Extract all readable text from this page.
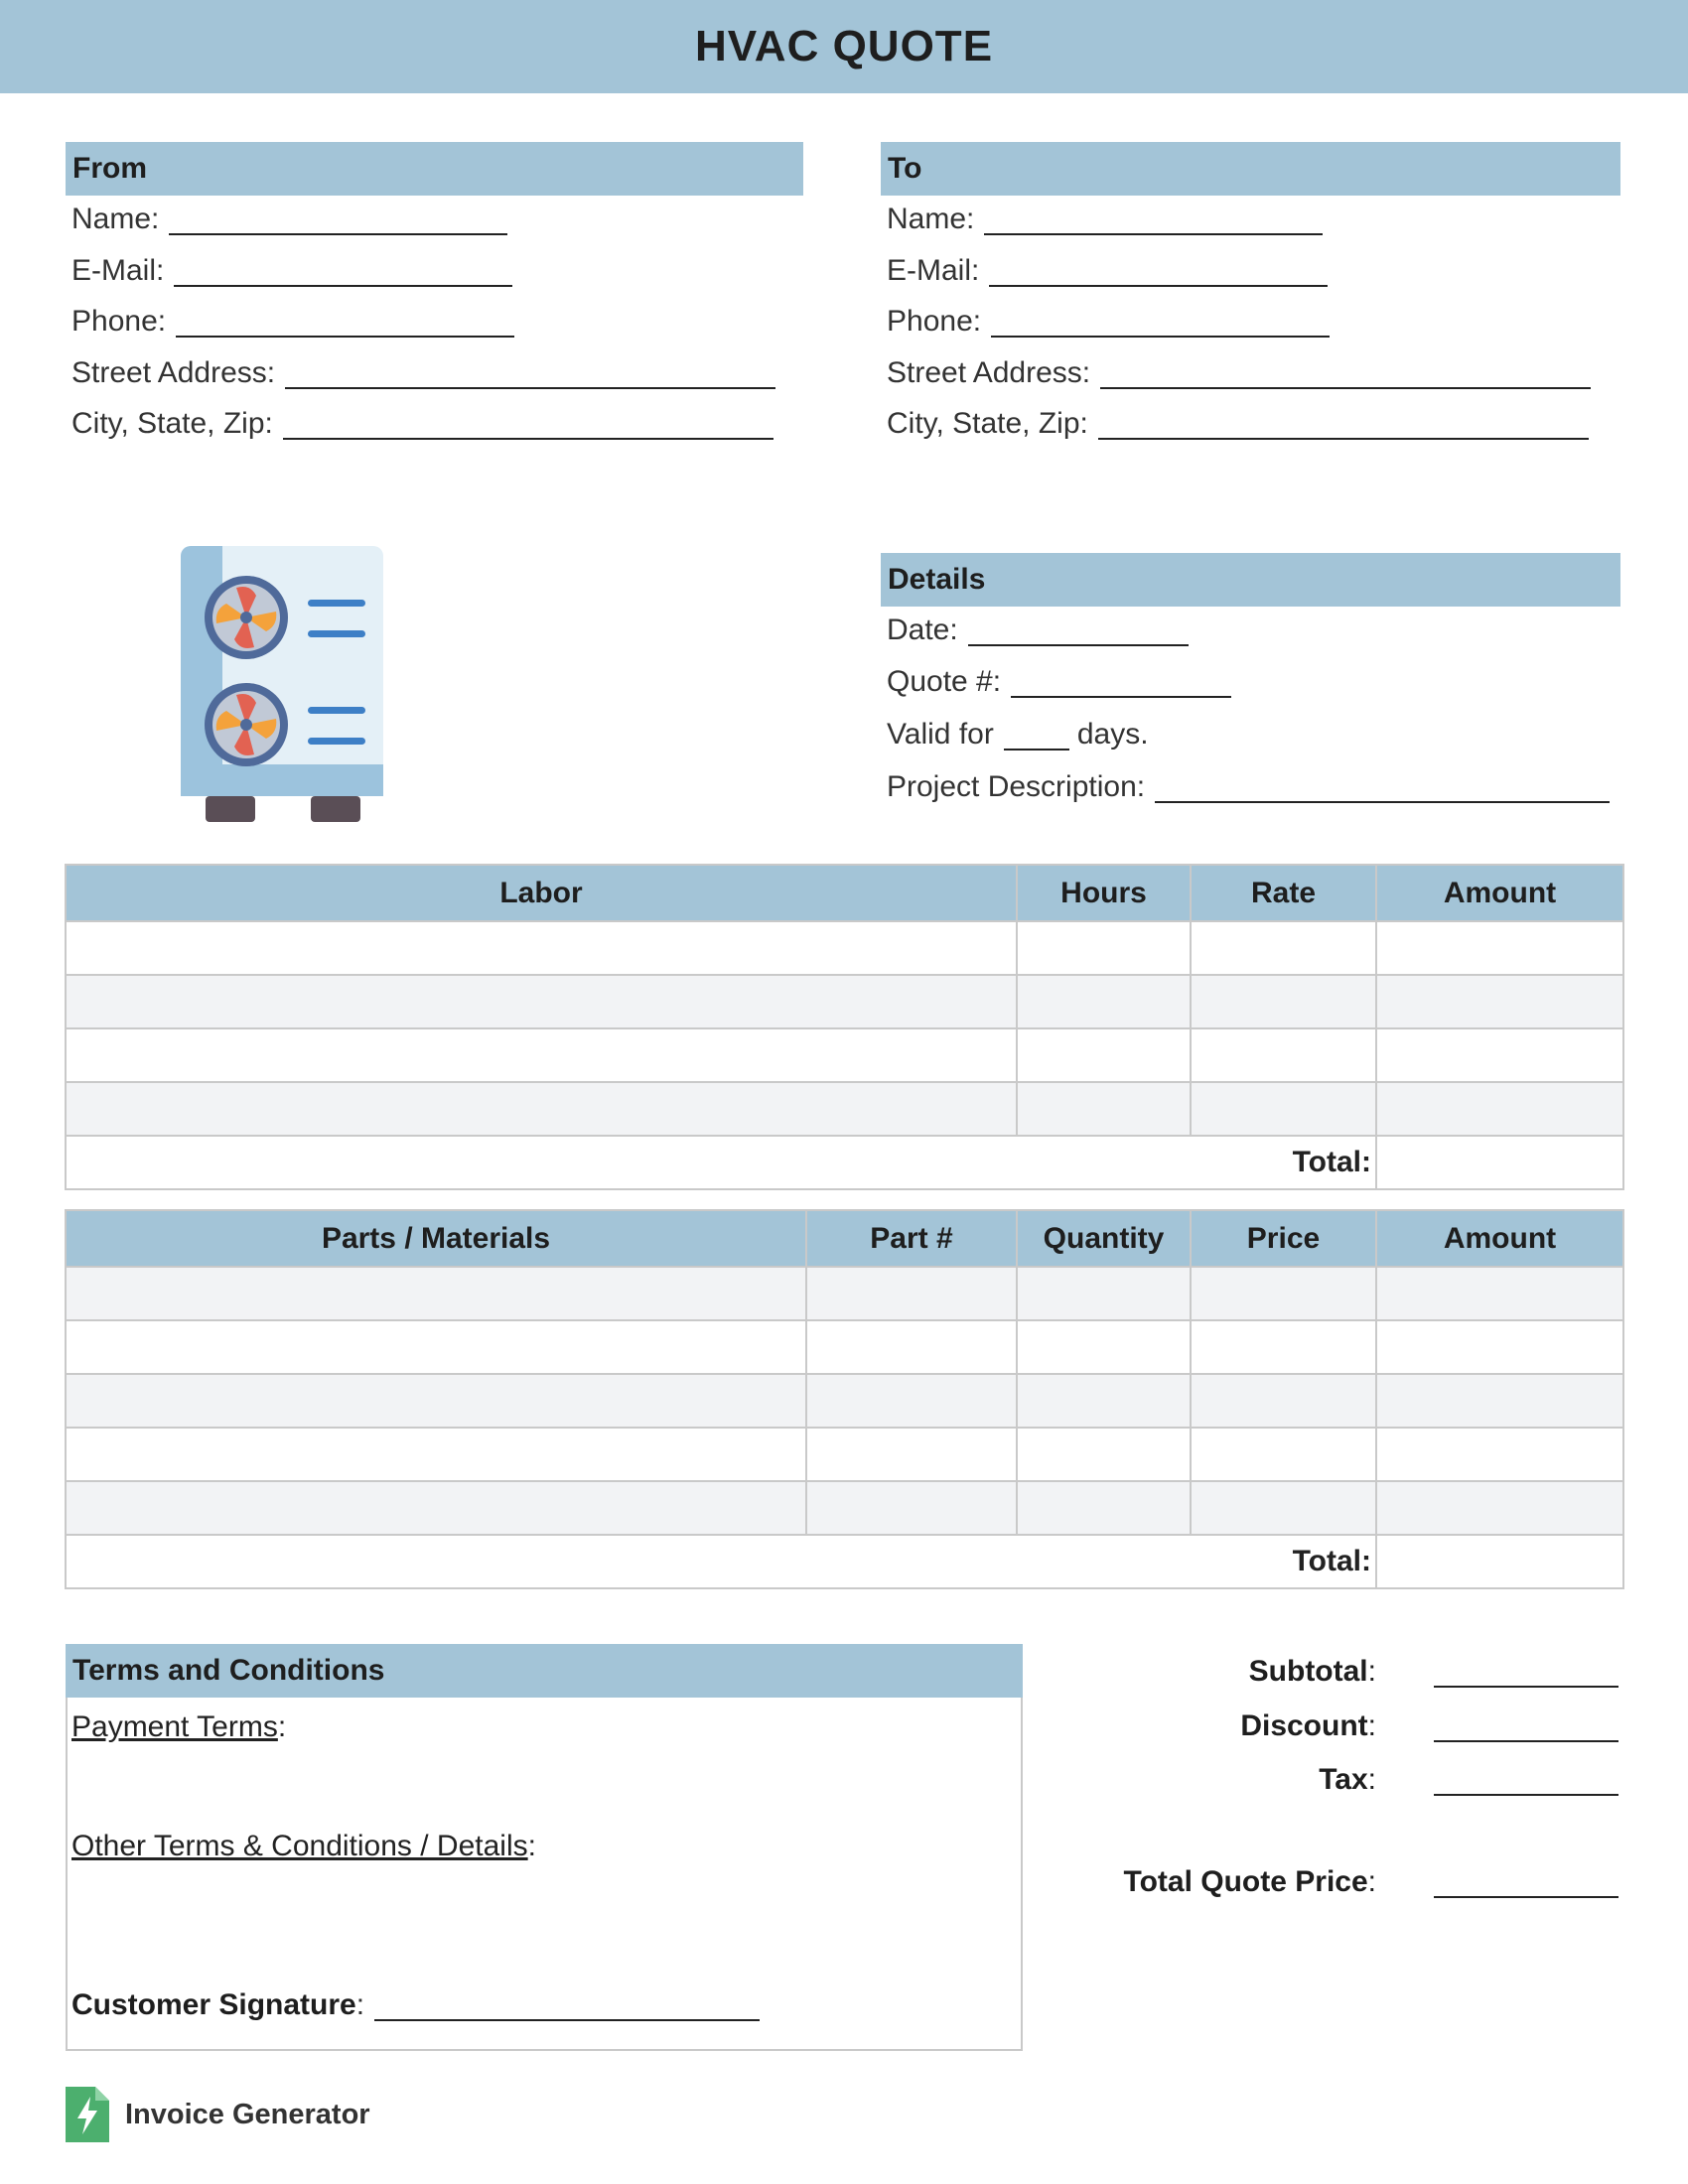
HVAC QUOTE
From
Name:
E-Mail:
Phone:
Street Address:
City, State, Zip:
To
Name:
E-Mail:
Phone:
Street Address:
City, State, Zip:
Details
Date:
Quote #:
Valid for	days.
Project Description:
Labor	Hours	Rate	Amount

Total:			
Parts / Materials	Part #	Quantity	Price	Amount

Total:				
Terms and Conditions
Payment Terms:
Other Terms & Conditions / Details:
Customer Signature :
Subtotal:
Discount:
Tax:
Total Quote Price:
Invoice Generator
